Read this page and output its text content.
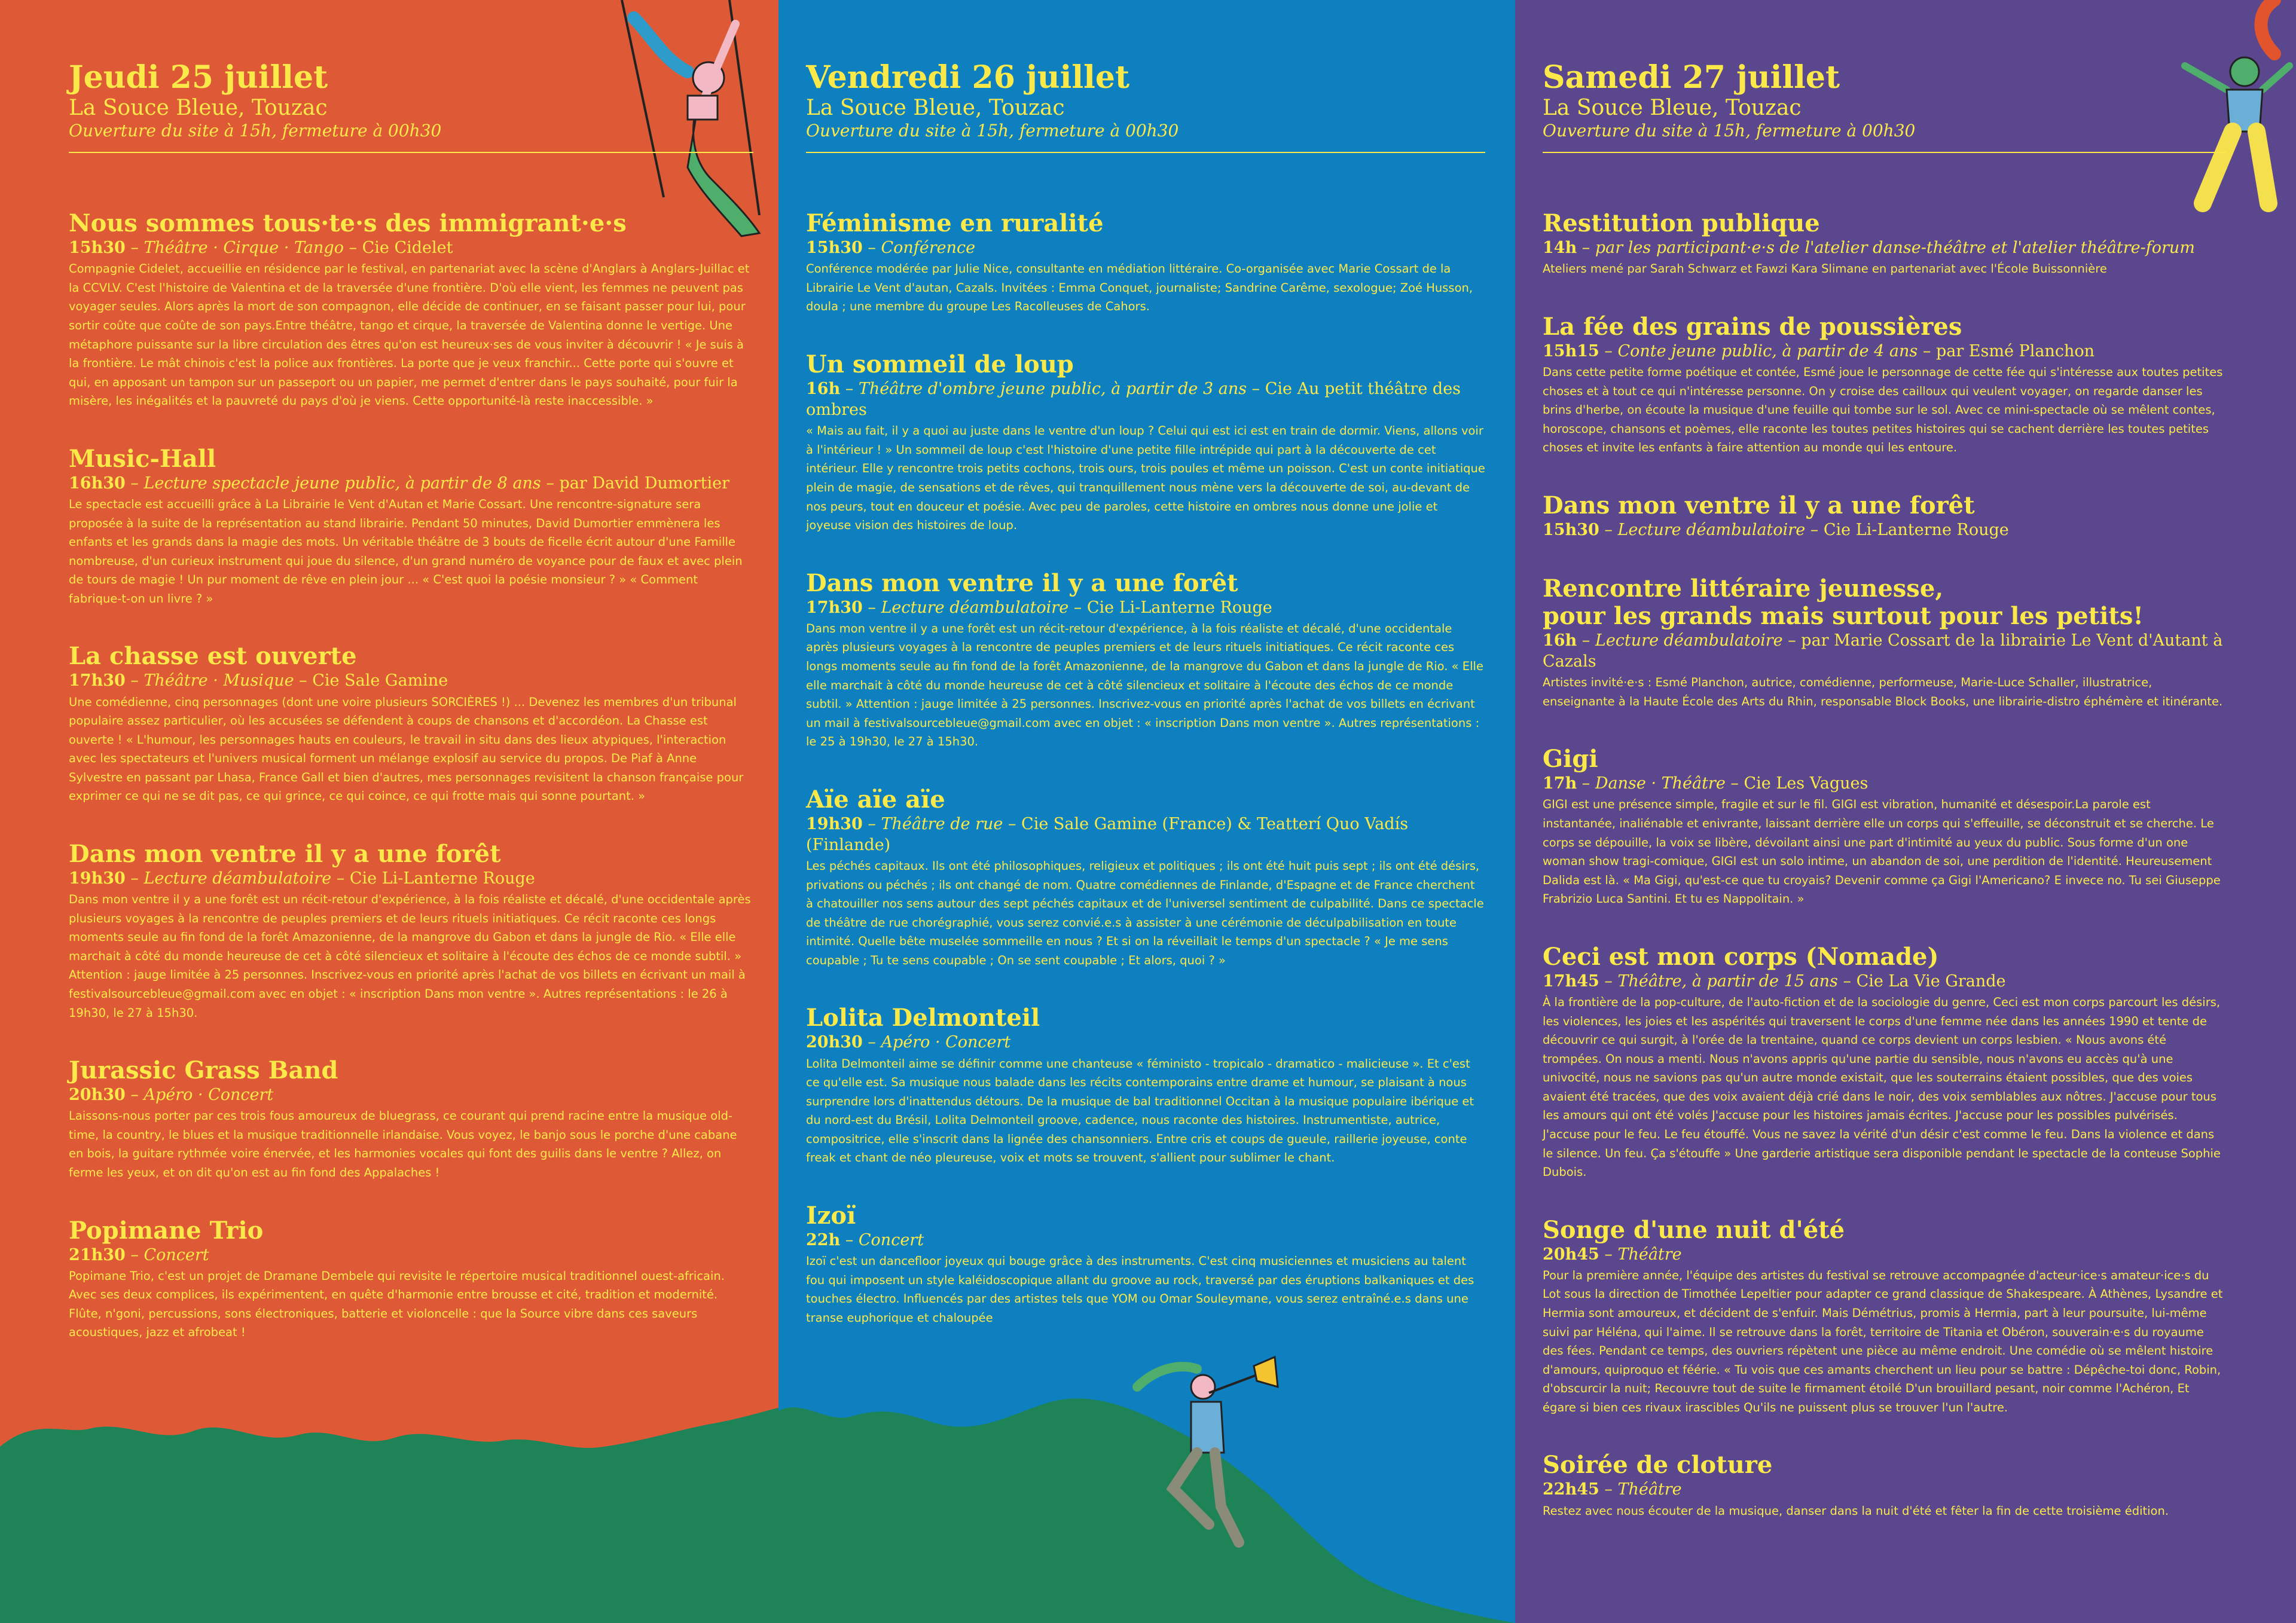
Jeudi 25 juillet
La Souce Bleue, Touzac
Ouverture du site à 15h, fermeture à 00h30
Nous sommes tous·te·s des immigrant·e·s
15h30 – Théâtre · Cirque · Tango – Cie Cidelet
Compagnie Cidelet, accueillie en résidence par le festival, en partenariat avec la scène d'Anglars à Anglars-Juillac et la CCVLV. C'est l'histoire de Valentina et de la traversée d'une frontière. D'où elle vient, les femmes ne peuvent pas voyager seules. Alors après la mort de son compagnon, elle décide de continuer, en se faisant passer pour lui, pour sortir coûte que coûte de son pays.Entre théâtre, tango et cirque, la traversée de Valentina donne le vertige. Une métaphore puissante sur la libre circulation des êtres qu'on est heureux·ses de vous inviter à découvrir ! « Je suis à la frontière. Le mât chinois c'est la police aux frontières. La porte que je veux franchir... Cette porte qui s'ouvre et qui, en apposant un tampon sur un passeport ou un papier, me permet d'entrer dans le pays souhaité, pour fuir la misère, les inégalités et la pauvreté du pays d'où je viens. Cette opportunité-là reste inaccessible. »
Music-Hall
16h30 – Lecture spectacle jeune public, à partir de 8 ans – par David Dumortier
Le spectacle est accueilli grâce à La Librairie le Vent d'Autan et Marie Cossart. Une rencontre-signature sera proposée à la suite de la représentation au stand librairie. Pendant 50 minutes, David Dumortier emmènera les enfants et les grands dans la magie des mots. Un véritable théâtre de 3 bouts de ficelle écrit autour d'une Famille nombreuse, d'un curieux instrument qui joue du silence, d'un grand numéro de voyance pour de faux et avec plein de tours de magie ! Un pur moment de rêve en plein jour ... « C'est quoi la poésie monsieur ? » « Comment fabrique-t-on un livre ? »
La chasse est ouverte
17h30 – Théâtre · Musique – Cie Sale Gamine
Une comédienne, cinq personnages (dont une voire plusieurs SORCIÈRES !) ... Devenez les membres d'un tribunal populaire assez particulier, où les accusées se défendent à coups de chansons et d'accordéon. La Chasse est ouverte ! « L'humour, les personnages hauts en couleurs, le travail in situ dans des lieux atypiques, l'interaction avec les spectateurs et l'univers musical forment un mélange explosif au service du propos. De Piaf à Anne Sylvestre en passant par Lhasa, France Gall et bien d'autres, mes personnages revisitent la chanson française pour exprimer ce qui ne se dit pas, ce qui grince, ce qui coince, ce qui frotte mais qui sonne pourtant. »
Dans mon ventre il y a une forêt
19h30 – Lecture déambulatoire – Cie Li-Lanterne Rouge
Dans mon ventre il y a une forêt est un récit-retour d'expérience, à la fois réaliste et décalé, d'une occidentale après plusieurs voyages à la rencontre de peuples premiers et de leurs rituels initiatiques. Ce récit raconte ces longs moments seule au fin fond de la forêt Amazonienne, de la mangrove du Gabon et dans la jungle de Rio. « Elle elle marchait à côté du monde heureuse de cet à côté silencieux et solitaire à l'écoute des échos de ce monde subtil. » Attention : jauge limitée à 25 personnes. Inscrivez-vous en priorité après l'achat de vos billets en écrivant un mail à festivalsourcebleue@gmail.com avec en objet : « inscription Dans mon ventre ». Autres représentations : le 26 à 19h30, le 27 à 15h30.
Jurassic Grass Band
20h30 – Apéro · Concert
Laissons-nous porter par ces trois fous amoureux de bluegrass, ce courant qui prend racine entre la musique old-time, la country, le blues et la musique traditionnelle irlandaise. Vous voyez, le banjo sous le porche d'une cabane en bois, la guitare rythmée voire énervée, et les harmonies vocales qui font des guilis dans le ventre ? Allez, on ferme les yeux, et on dit qu'on est au fin fond des Appalaches !
Popimane Trio
21h30 – Concert
Popimane Trio, c'est un projet de Dramane Dembele qui revisite le répertoire musical traditionnel ouest-africain. Avec ses deux complices, ils expérimentent, en quête d'harmonie entre brousse et cité, tradition et modernité. Flûte, n'goni, percussions, sons électroniques, batterie et violoncelle : que la Source vibre dans ces saveurs acoustiques, jazz et afrobeat !
Vendredi 26 juillet
La Souce Bleue, Touzac
Ouverture du site à 15h, fermeture à 00h30
Féminisme en ruralité
15h30 – Conférence
Conférence modérée par Julie Nice, consultante en médiation littéraire. Co-organisée avec Marie Cossart de la Librairie Le Vent d'autan, Cazals. Invitées : Emma Conquet, journaliste; Sandrine Carême, sexologue; Zoé Husson, doula ; une membre du groupe Les Racolleuses de Cahors.
Un sommeil de loup
16h – Théâtre d'ombre jeune public, à partir de 3 ans – Cie Au petit théâtre des ombres
« Mais au fait, il y a quoi au juste dans le ventre d'un loup ? Celui qui est ici est en train de dormir. Viens, allons voir à l'intérieur ! » Un sommeil de loup c'est l'histoire d'une petite fille intrépide qui part à la découverte de cet intérieur. Elle y rencontre trois petits cochons, trois ours, trois poules et même un poisson. C'est un conte initiatique plein de magie, de sensations et de rêves, qui tranquillement nous mène vers la découverte de soi, au-devant de nos peurs, tout en douceur et poésie. Avec peu de paroles, cette histoire en ombres nous donne une jolie et joyeuse vision des histoires de loup.
Dans mon ventre il y a une forêt
17h30 – Lecture déambulatoire – Cie Li-Lanterne Rouge
Dans mon ventre il y a une forêt est un récit-retour d'expérience, à la fois réaliste et décalé, d'une occidentale après plusieurs voyages à la rencontre de peuples premiers et de leurs rituels initiatiques. Ce récit raconte ces longs moments seule au fin fond de la forêt Amazonienne, de la mangrove du Gabon et dans la jungle de Rio. « Elle elle marchait à côté du monde heureuse de cet à côté silencieux et solitaire à l'écoute des échos de ce monde subtil. » Attention : jauge limitée à 25 personnes. Inscrivez-vous en priorité après l'achat de vos billets en écrivant un mail à festivalsourcebleue@gmail.com avec en objet : « inscription Dans mon ventre ». Autres représentations : le 25 à 19h30, le 27 à 15h30.
Aïe aïe aïe
19h30 – Théâtre de rue – Cie Sale Gamine (France) & Teatterí Quo Vadís (Finlande)
Les péchés capitaux. Ils ont été philosophiques, religieux et politiques ; ils ont été huit puis sept ; ils ont été désirs, privations ou péchés ; ils ont changé de nom. Quatre comédiennes de Finlande, d'Espagne et de France cherchent à chatouiller nos sens autour des sept péchés capitaux et de l'universel sentiment de culpabilité. Dans ce spectacle de théâtre de rue chorégraphié, vous serez convié.e.s à assister à une cérémonie de déculpabilisation en toute intimité. Quelle bête muselée sommeille en nous ? Et si on la réveillait le temps d'un spectacle ? « Je me sens coupable ; Tu te sens coupable ; On se sent coupable ; Et alors, quoi ? »
Lolita Delmonteil
20h30 – Apéro · Concert
Lolita Delmonteil aime se définir comme une chanteuse « féministo - tropicalo - dramatico - malicieuse ». Et c'est ce qu'elle est. Sa musique nous balade dans les récits contemporains entre drame et humour, se plaisant à nous surprendre lors d'inattendus détours. De la musique de bal traditionnel Occitan à la musique populaire ibérique et du nord-est du Brésil, Lolita Delmonteil groove, cadence, nous raconte des histoires. Instrumentiste, autrice, compositrice, elle s'inscrit dans la lignée des chansonniers. Entre cris et coups de gueule, raillerie joyeuse, conte freak et chant de néo pleureuse, voix et mots se trouvent, s'allient pour sublimer le chant.
Izoï
22h – Concert
Izoï c'est un dancefloor joyeux qui bouge grâce à des instruments. C'est cinq musiciennes et musiciens au talent fou qui imposent un style kaléidoscopique allant du groove au rock, traversé par des éruptions balkaniques et des touches électro. Influencés par des artistes tels que YOM ou Omar Souleymane, vous serez entraîné.e.s dans une transe euphorique et chaloupée
Samedi 27 juillet
La Souce Bleue, Touzac
Ouverture du site à 15h, fermeture à 00h30
Restitution publique
14h – par les participant·e·s de l'atelier danse-théâtre et l'atelier théâtre-forum
Ateliers mené par Sarah Schwarz et Fawzi Kara Slimane en partenariat avec l'École Buissonnière
La fée des grains de poussières
15h15 – Conte jeune public, à partir de 4 ans – par Esmé Planchon
Dans cette petite forme poétique et contée, Esmé joue le personnage de cette fée qui s'intéresse aux toutes petites choses et à tout ce qui n'intéresse personne. On y croise des cailloux qui veulent voyager, on regarde danser les brins d'herbe, on écoute la musique d'une feuille qui tombe sur le sol. Avec ce mini-spectacle où se mêlent contes, horoscope, chansons et poèmes, elle raconte les toutes petites histoires qui se cachent derrière les toutes petites choses et invite les enfants à faire attention au monde qui les entoure.
Dans mon ventre il y a une forêt
15h30 – Lecture déambulatoire – Cie Li-Lanterne Rouge
Rencontre littéraire jeunesse,
pour les grands mais surtout pour les petits!
16h – Lecture déambulatoire – par Marie Cossart de la librairie Le Vent d'Autant à Cazals
Artistes invité·e·s : Esmé Planchon, autrice, comédienne, performeuse, Marie-Luce Schaller, illustratrice, enseignante à la Haute École des Arts du Rhin, responsable Block Books, une librairie-distro éphémère et itinérante.
Gigi
17h – Danse · Théâtre – Cie Les Vagues
GIGI est une présence simple, fragile et sur le fil. GIGI est vibration, humanité et désespoir.La parole est instantanée, inaliénable et enivrante, laissant derrière elle un corps qui s'effeuille, se déconstruit et se cherche. Le corps se dépouille, la voix se libère, dévoilant ainsi une part d'intimité au yeux du public. Sous forme d'un one woman show tragi-comique, GIGI est un solo intime, un abandon de soi, une perdition de l'identité. Heureusement Dalida est là. « Ma Gigi, qu'est-ce que tu croyais? Devenir comme ça Gigi l'Americano? E invece no. Tu sei Giuseppe Frabrizio Luca Santini. Et tu es Nappolitain. »
Ceci est mon corps (Nomade)
17h45 – Théâtre, à partir de 15 ans – Cie La Vie Grande
À la frontière de la pop-culture, de l'auto-fiction et de la sociologie du genre, Ceci est mon corps parcourt les désirs, les violences, les joies et les aspérités qui traversent le corps d'une femme née dans les années 1990 et tente de découvrir ce qui surgit, à l'orée de la trentaine, quand ce corps devient un corps lesbien. « Nous avons été trompées. On nous a menti. Nous n'avons appris qu'une partie du sensible, nous n'avons eu accès qu'à une univocité, nous ne savions pas qu'un autre monde existait, que les souterrains étaient possibles, que des voies avaient été tracées, que des voix avaient déjà crié dans le noir, des voix semblables aux nôtres. J'accuse pour tous les amours qui ont été volés J'accuse pour les histoires jamais écrites. J'accuse pour les possibles pulvérisés. J'accuse pour le feu. Le feu étouffé. Vous ne savez la vérité d'un désir c'est comme le feu. Dans la violence et dans le silence. Un feu. Ça s'étouffe » Une garderie artistique sera disponible pendant le spectacle de la conteuse Sophie Dubois.
Songe d'une nuit d'été
20h45 – Théâtre
Pour la première année, l'équipe des artistes du festival se retrouve accompagnée d'acteur·ice·s amateur·ice·s du Lot sous la direction de Timothée Lepeltier pour adapter ce grand classique de Shakespeare. À Athènes, Lysandre et Hermia sont amoureux, et décident de s'enfuir. Mais Démétrius, promis à Hermia, part à leur poursuite, lui-même suivi par Héléna, qui l'aime. Il se retrouve dans la forêt, territoire de Titania et Obéron, souverain·e·s du royaume des fées. Pendant ce temps, des ouvriers répètent une pièce au même endroit. Une comédie où se mêlent histoire d'amours, quiproquo et féérie. « Tu vois que ces amants cherchent un lieu pour se battre : Dépêche-toi donc, Robin, d'obscurcir la nuit; Recouvre tout de suite le firmament étoilé D'un brouillard pesant, noir comme l'Achéron, Et égare si bien ces rivaux irascibles Qu'ils ne puissent plus se trouver l'un l'autre.
Soirée de cloture
22h45 – Théâtre
Restez avec nous écouter de la musique, danser dans la nuit d'été et fêter la fin de cette troisième édition.
